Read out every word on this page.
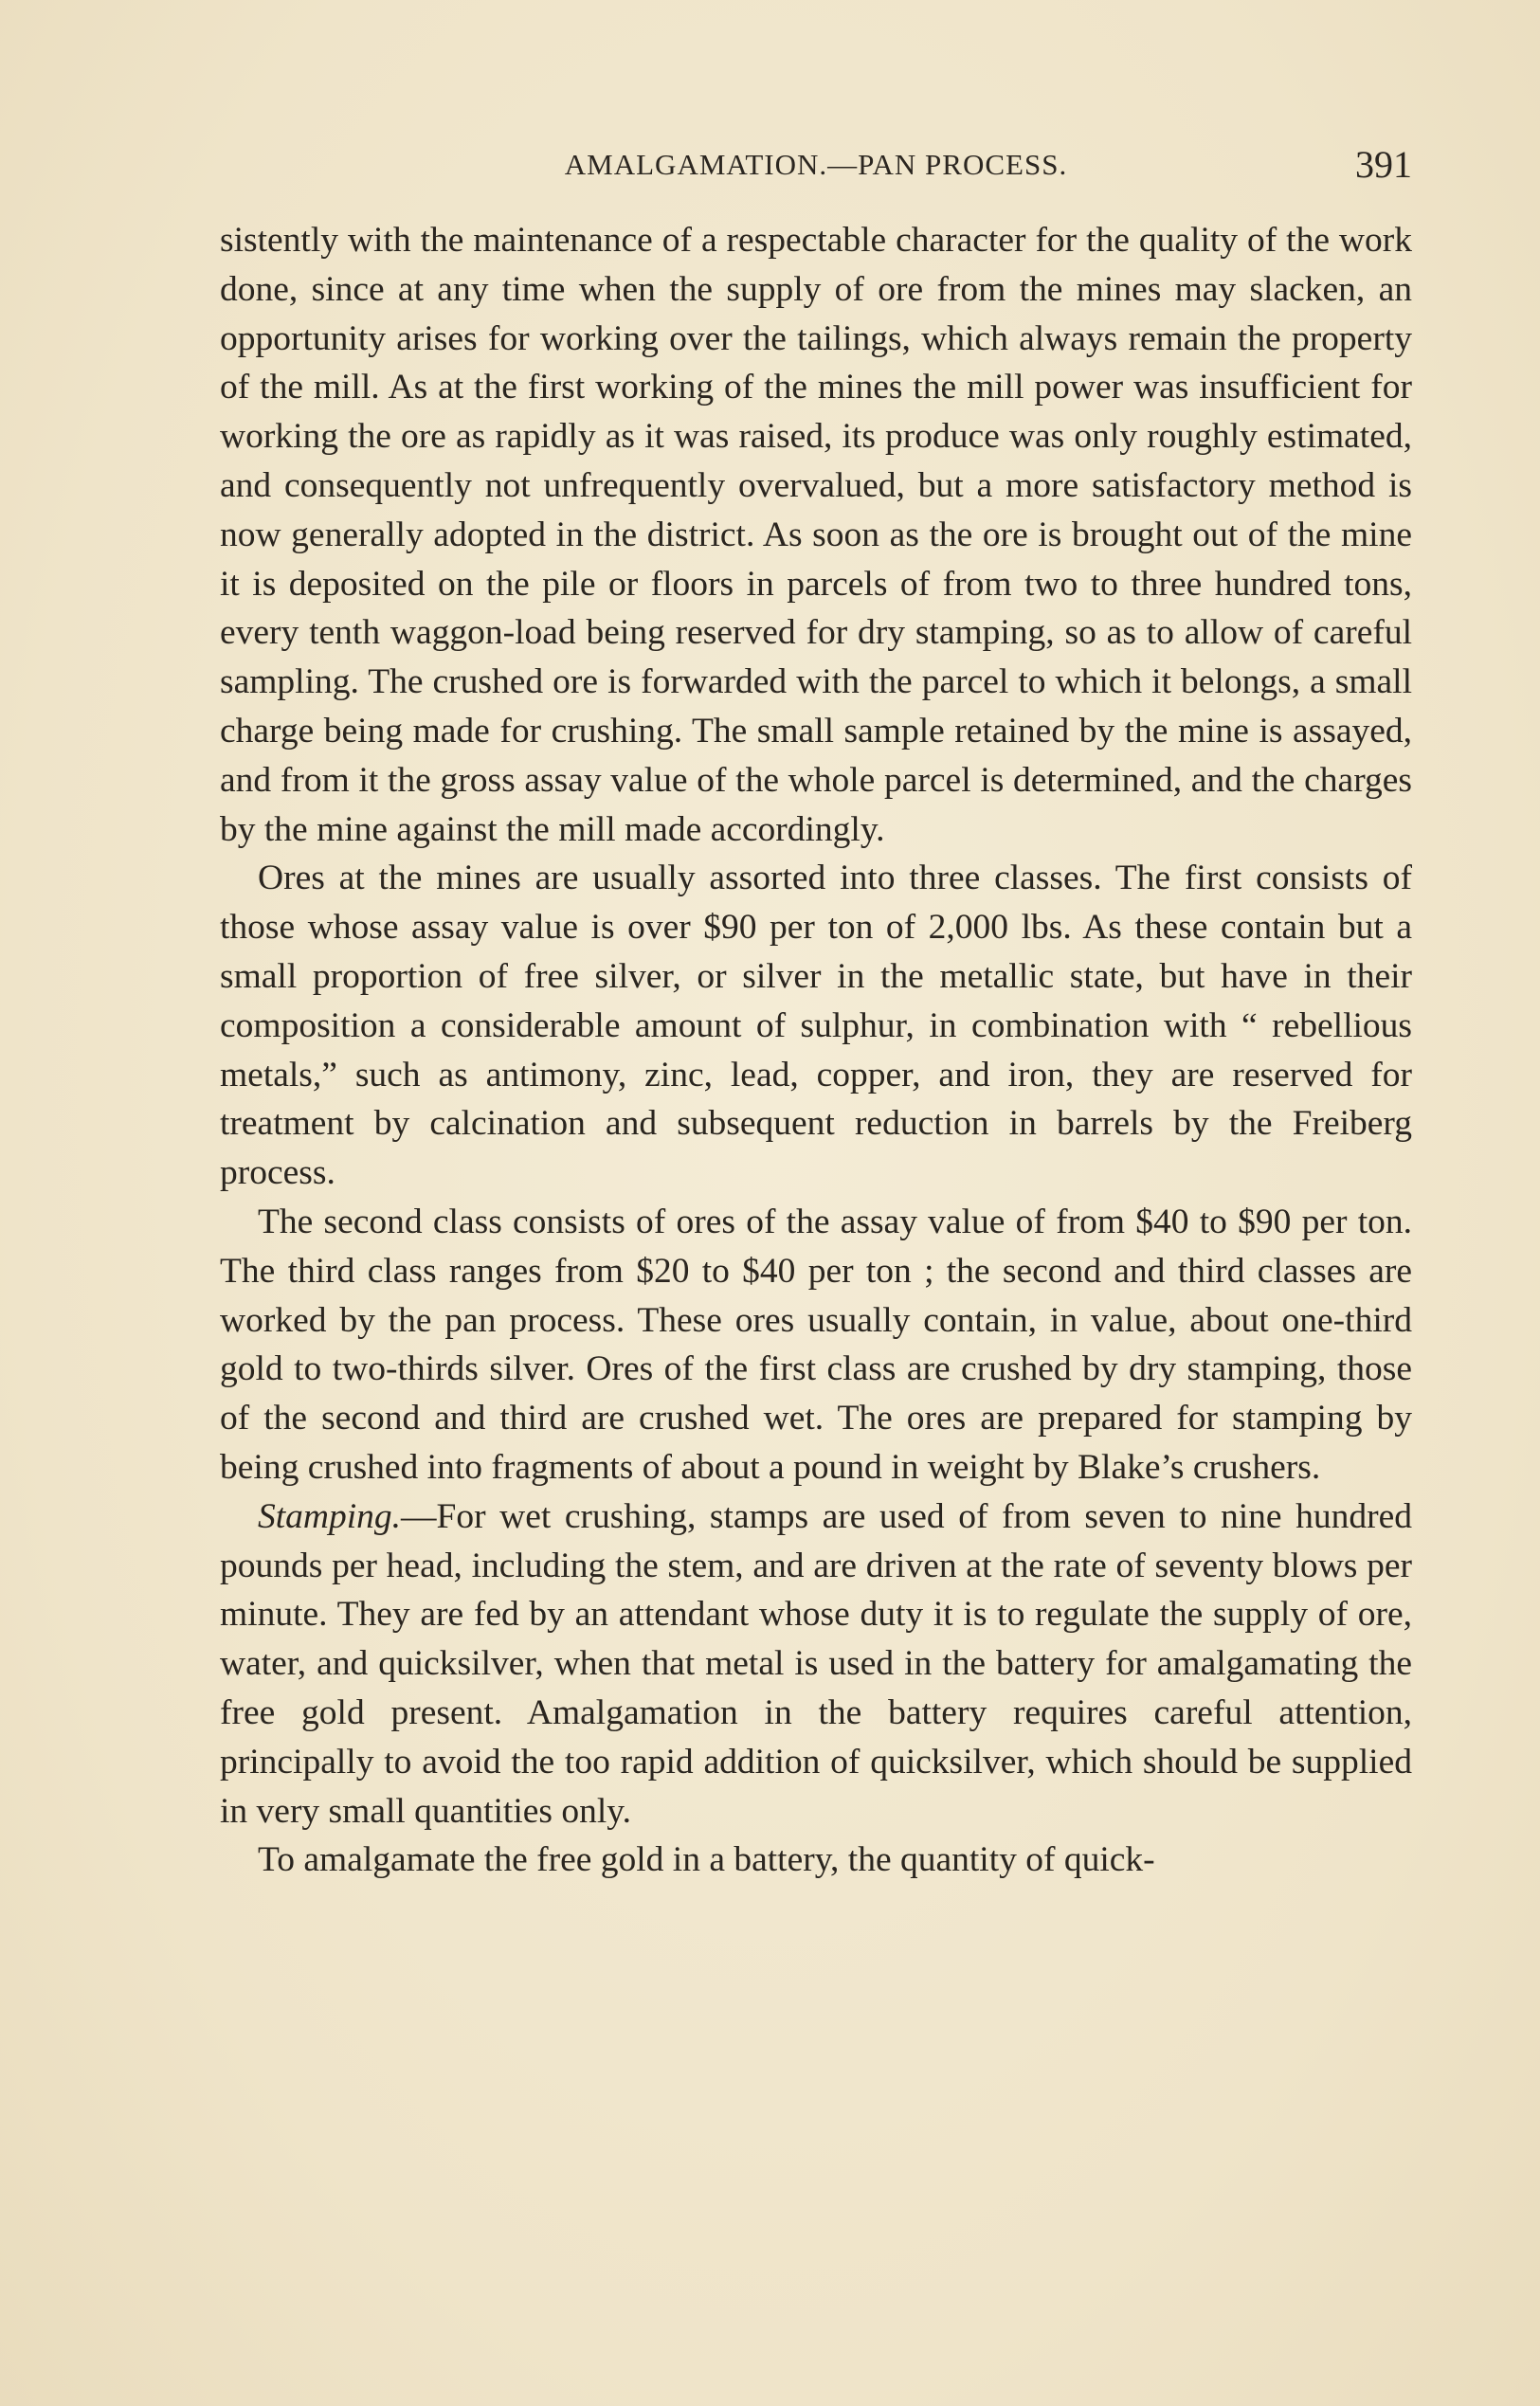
AMALGAMATION.—PAN PROCESS.	391

sistently with the maintenance of a respectable character for the quality of the work done, since at any time when the supply of ore from the mines may slacken, an opportunity arises for working over the tailings, which always remain the property of the mill. As at the first working of the mines the mill power was insufficient for working the ore as rapidly as it was raised, its produce was only roughly estimated, and consequently not unfrequently overvalued, but a more satisfactory method is now generally adopted in the district. As soon as the ore is brought out of the mine it is deposited on the pile or floors in parcels of from two to three hundred tons, every tenth waggon-load being reserved for dry stamping, so as to allow of careful sampling. The crushed ore is forwarded with the parcel to which it belongs, a small charge being made for crushing. The small sample retained by the mine is assayed, and from it the gross assay value of the whole parcel is determined, and the charges by the mine against the mill made accordingly.

Ores at the mines are usually assorted into three classes. The first consists of those whose assay value is over $90 per ton of 2,000 lbs. As these contain but a small proportion of free silver, or silver in the metallic state, but have in their composition a considerable amount of sulphur, in combination with “ rebellious metals,” such as antimony, zinc, lead, copper, and iron, they are reserved for treatment by calcination and subsequent reduction in barrels by the Freiberg process.

The second class consists of ores of the assay value of from $40 to $90 per ton. The third class ranges from $20 to $40 per ton ; the second and third classes are worked by the pan process. These ores usually contain, in value, about one-third gold to two-thirds silver. Ores of the first class are crushed by dry stamping, those of the second and third are crushed wet. The ores are prepared for stamping by being crushed into fragments of about a pound in weight by Blake’s crushers.

Stamping.—For wet crushing, stamps are used of from seven to nine hundred pounds per head, including the stem, and are driven at the rate of seventy blows per minute. They are fed by an attendant whose duty it is to regulate the supply of ore, water, and quicksilver, when that metal is used in the battery for amalgamating the free gold present. Amalgamation in the battery requires careful attention, principally to avoid the too rapid addition of quicksilver, which should be supplied in very small quantities only.

To amalgamate the free gold in a battery, the quantity of quick-
